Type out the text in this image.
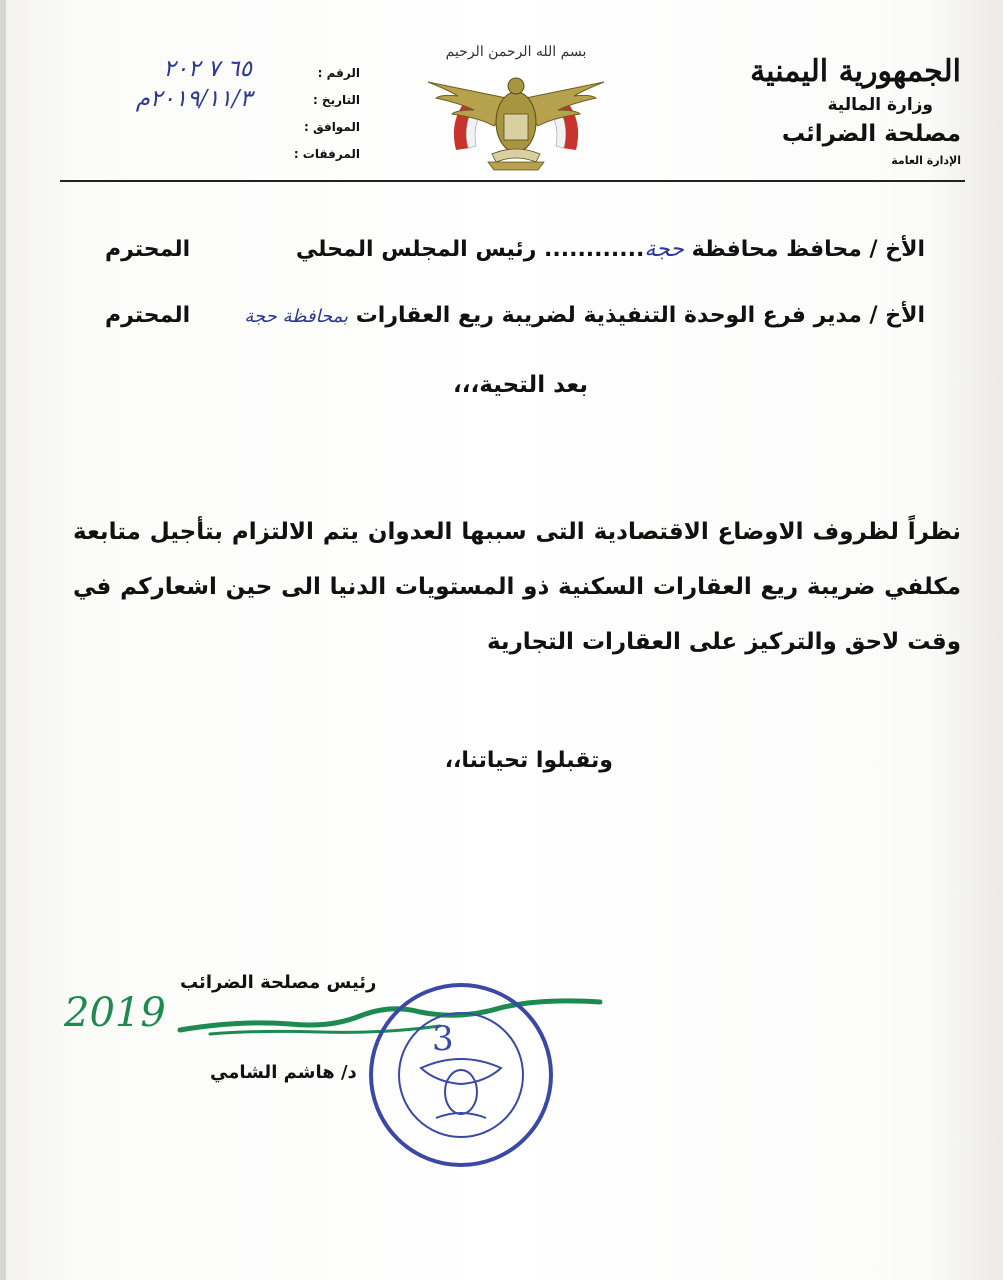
الجمهورية اليمنية
وزارة المالية
مصلحة الضرائب
الإدارة العامة
بسم الله الرحمن الرحيم
الرقم :
٦٥ ٧ ٢٠٢
التاريخ :
الموافق :
٢٠١٩/١١/٣م
المرفقات :
الأخ / محافظ محافظة حجة............ رئيس المجلس المحلي
المحترم
الأخ / مدير فرع الوحدة التنفيذية لضريبة ريع العقارات بمحافظة حجة
المحترم
بعد التحية،،،
نظراً لظروف الاوضاع الاقتصادية التى سببها العدوان يتم الالتزام بتأجيل متابعة مكلفي ضريبة ريع العقارات السكنية ذو المستويات الدنيا الى حين اشعاركم في وقت لاحق والتركيز على العقارات التجارية
وتقبلوا تحياتنا،،
رئيس مصلحة الضرائب
2019
د/ هاشم الشامي
3
